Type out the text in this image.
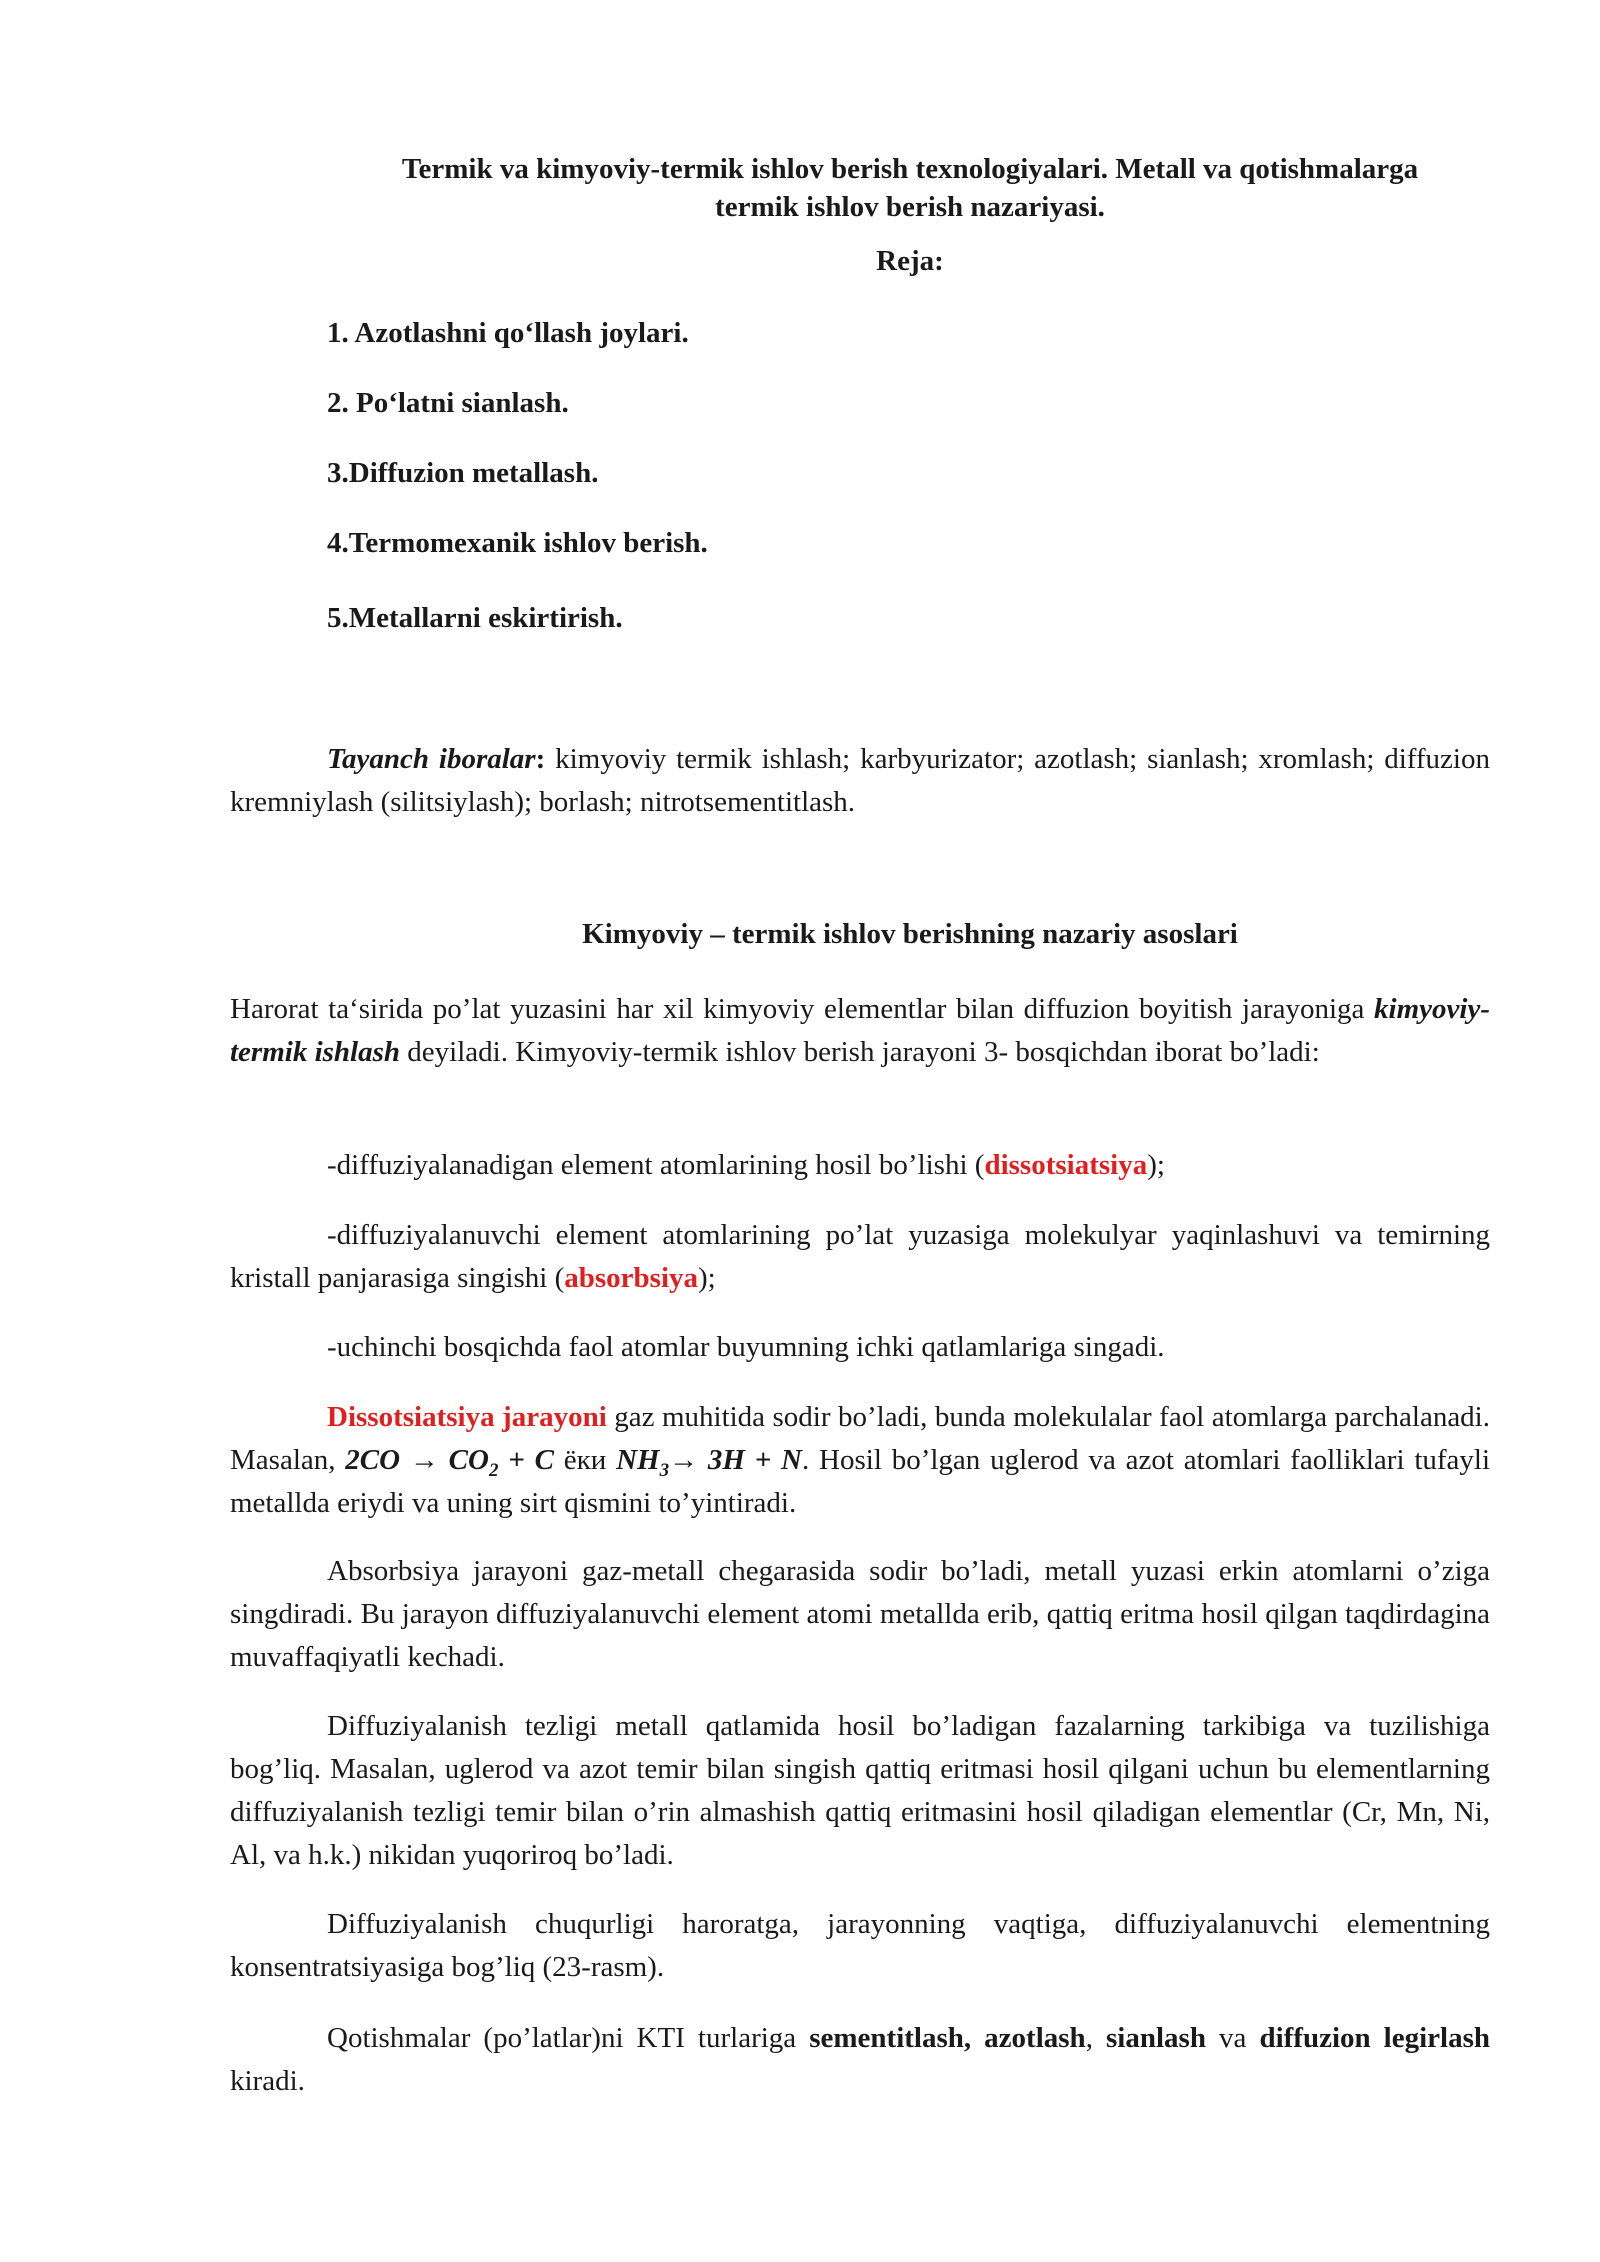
Termik va kimyoviy-termik ishlov berish texnologiyalari. Metall va qotishmalarga
termik ishlov berish nazariyasi.
Reja:
1. Azotlashni qo‘llash joylari.
2. Po‘latni sianlash.
3.Diffuzion metallash.
4.Termomexanik ishlov berish.
5.Metallarni eskirtirish.
Tayanch iboralar: kimyoviy termik ishlash; karbyurizator; azotlash; sianlash; xromlash; diffuzion kremniylash (silitsiylash); borlash; nitrotsementitlash.
Kimyoviy – termik ishlov berishning nazariy asoslari
Harorat ta‘sirida po’lat yuzasini har xil kimyoviy elementlar bilan diffuzion boyitish jarayoniga kimyoviy-termik ishlash deyiladi. Kimyoviy-termik ishlov berish jarayoni 3- bosqichdan iborat bo’ladi:
-diffuziyalanadigan element atomlarining hosil bo’lishi (dissotsiatsiya);
-diffuziyalanuvchi element atomlarining po’lat yuzasiga molekulyar yaqinlashuvi va temirning kristall panjarasiga singishi (absorbsiya);
-uchinchi bosqichda faol atomlar buyumning ichki qatlamlariga singadi.
Dissotsiatsiya jarayoni gaz muhitida sodir bo’ladi, bunda molekulalar faol atomlarga parchalanadi. Masalan, $2CO \to CO_2 + C$ ёки $NH_3\to 3H + N$. Hosil bo’lgan uglerod va azot atomlari faolliklari tufayli metallda eriydi va uning sirt qismini to’yintiradi.
Absorbsiya jarayoni gaz-metall chegarasida sodir bo’ladi, metall yuzasi erkin atomlarni o’ziga singdiradi. Bu jarayon diffuziyalanuvchi element atomi metallda erib, qattiq eritma hosil qilgan taqdirdagina muvaffaqiyatli kechadi.
Diffuziyalanish tezligi metall qatlamida hosil bo’ladigan fazalarning tarkibiga va tuzilishiga bog’liq. Masalan, uglerod va azot temir bilan singish qattiq eritmasi hosil qilgani uchun bu elementlarning diffuziyalanish tezligi temir bilan o’rin almashish qattiq eritmasini hosil qiladigan elementlar (Cr, Mn, Ni, Al, va h.k.) nikidan yuqoriroq bo’ladi.
Diffuziyalanish chuqurligi haroratga, jarayonning vaqtiga, diffuziyalanuvchi elementning konsentratsiyasiga bog’liq (23-rasm).
Qotishmalar (po’latlar)ni KTI turlariga sementitlash, azotlash, sianlash va diffuzion legirlash kiradi.
